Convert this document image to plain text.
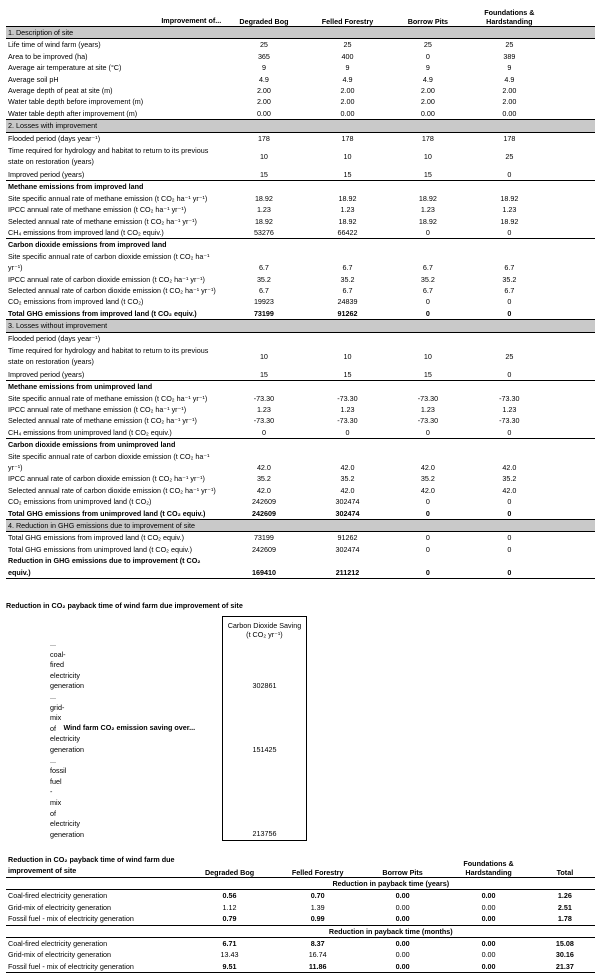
Improvement of...	Degraded Bog	Felled Forestry	Borrow Pits	Foundations & Hardstanding	
1. Description of site					
Life time of wind farm (years)	25	25	25	25	
Area to be improved (ha)	365	400	0	389	
Average air temperature at site (°C)	9	9	9	9	
Average soil pH	4.9	4.9	4.9	4.9	
Average depth of peat at site (m)	2.00	2.00	2.00	2.00	
Water table depth before improvement (m)	2.00	2.00	2.00	2.00	
Water table depth after improvement (m)	0.00	0.00	0.00	0.00	
2. Losses with improvement					
Flooded period (days year⁻¹)	178	178	178	178	
Time required for hydrology and habitat to return to its previous state on restoration (years)	10	10	10	25	
Improved period (years)	15	15	15	0	
Methane emissions from improved land					
Site specific annual rate of methane emission (t CO₂ ha⁻¹ yr⁻¹)	18.92	18.92	18.92	18.92	
IPCC annual rate of methane emission (t CO₂ ha⁻¹ yr⁻¹)	1.23	1.23	1.23	1.23	
Selected annual rate of methane emission (t CO₂ ha⁻¹ yr⁻¹)	18.92	18.92	18.92	18.92	
CH₄ emissions from improved land (t CO₂ equiv.)	53276	66422	0	0	
Carbon dioxide emissions from improved land					
Site specific annual rate of carbon dioxide emission (t CO₂ ha⁻¹ yr⁻¹)	6.7	6.7	6.7	6.7	
IPCC annual rate of carbon dioxide emission (t CO₂ ha⁻¹ yr⁻¹)	35.2	35.2	35.2	35.2	
Selected annual rate of carbon dioxide emission (t CO₂ ha⁻¹ yr⁻¹)	6.7	6.7	6.7	6.7	
CO₂ emissions from improved land (t CO₂)	19923	24839	0	0	
Total GHG emissions from improved land (t CO₂ equiv.)	73199	91262	0	0	
3. Losses without improvement					
Flooded period (days year⁻¹)					
Time required for hydrology and habitat to return to its previous state on restoration (years)	10	10	10	25	
Improved period (years)	15	15	15	0	
Methane emissions from unimproved land					
Site specific annual rate of methane emission (t CO₂ ha⁻¹ yr⁻¹)	-73.30	-73.30	-73.30	-73.30	
IPCC annual rate of methane emission (t CO₂ ha⁻¹ yr⁻¹)	1.23	1.23	1.23	1.23	
Selected annual rate of methane emission (t CO₂ ha⁻¹ yr⁻¹)	-73.30	-73.30	-73.30	-73.30	
CH₄ emissions from unimproved land (t CO₂ equiv.)	0	0	0	0	
Carbon dioxide emissions from unimproved land					
Site specific annual rate of carbon dioxide emission (t CO₂ ha⁻¹ yr⁻¹)	42.0	42.0	42.0	42.0	
IPCC annual rate of carbon dioxide emission (t CO₂ ha⁻¹ yr⁻¹)	35.2	35.2	35.2	35.2	
Selected annual rate of carbon dioxide emission (t CO₂ ha⁻¹ yr⁻¹)	42.0	42.0	42.0	42.0	
CO₂ emissions from unimproved land (t CO₂)	242609	302474	0	0	
Total GHG emissions from unimproved land (t CO₂ equiv.)	242609	302474	0	0	
4. Reduction in GHG emissions due to improvement of site					
Total GHG emissions from improved land (t CO₂ equiv.)	73199	91262	0	0	
Total GHG emissions from unimproved land (t CO₂ equiv.)	242609	302474	0	0	
Reduction in GHG emissions due to improvement (t CO₂ equiv.)	169410	211212	0	0	
Reduction in CO₂ payback time of wind farm due improvement of site
	Wind farm CO₂ emission saving over...	Carbon Dioxide Saving (t CO₂ yr⁻¹)	
... coal-fired electricity generation		302861	
... grid-mix of electricity generation		151425	
... fossil fuel - mix of electricity generation		213756	
Reduction in CO₂ payback time of wind farm due improvement of site	Degraded Bog	Felled Forestry	Borrow Pits	Foundations & Hardstanding	Total
	Reduction in payback time (years)				
Coal-fired electricity generation	0.56	0.70	0.00	0.00	1.26
Grid-mix of electricity generation	1.12	1.39	0.00	0.00	2.51
Fossil fuel - mix of electricity generation	0.79	0.99	0.00	0.00	1.78
	Reduction in payback time (months)				
Coal-fired electricity generation	6.71	8.37	0.00	0.00	15.08
Grid-mix of electricity generation	13.43	16.74	0.00	0.00	30.16
Fossil fuel - mix of electricity generation	9.51	11.86	0.00	0.00	21.37
